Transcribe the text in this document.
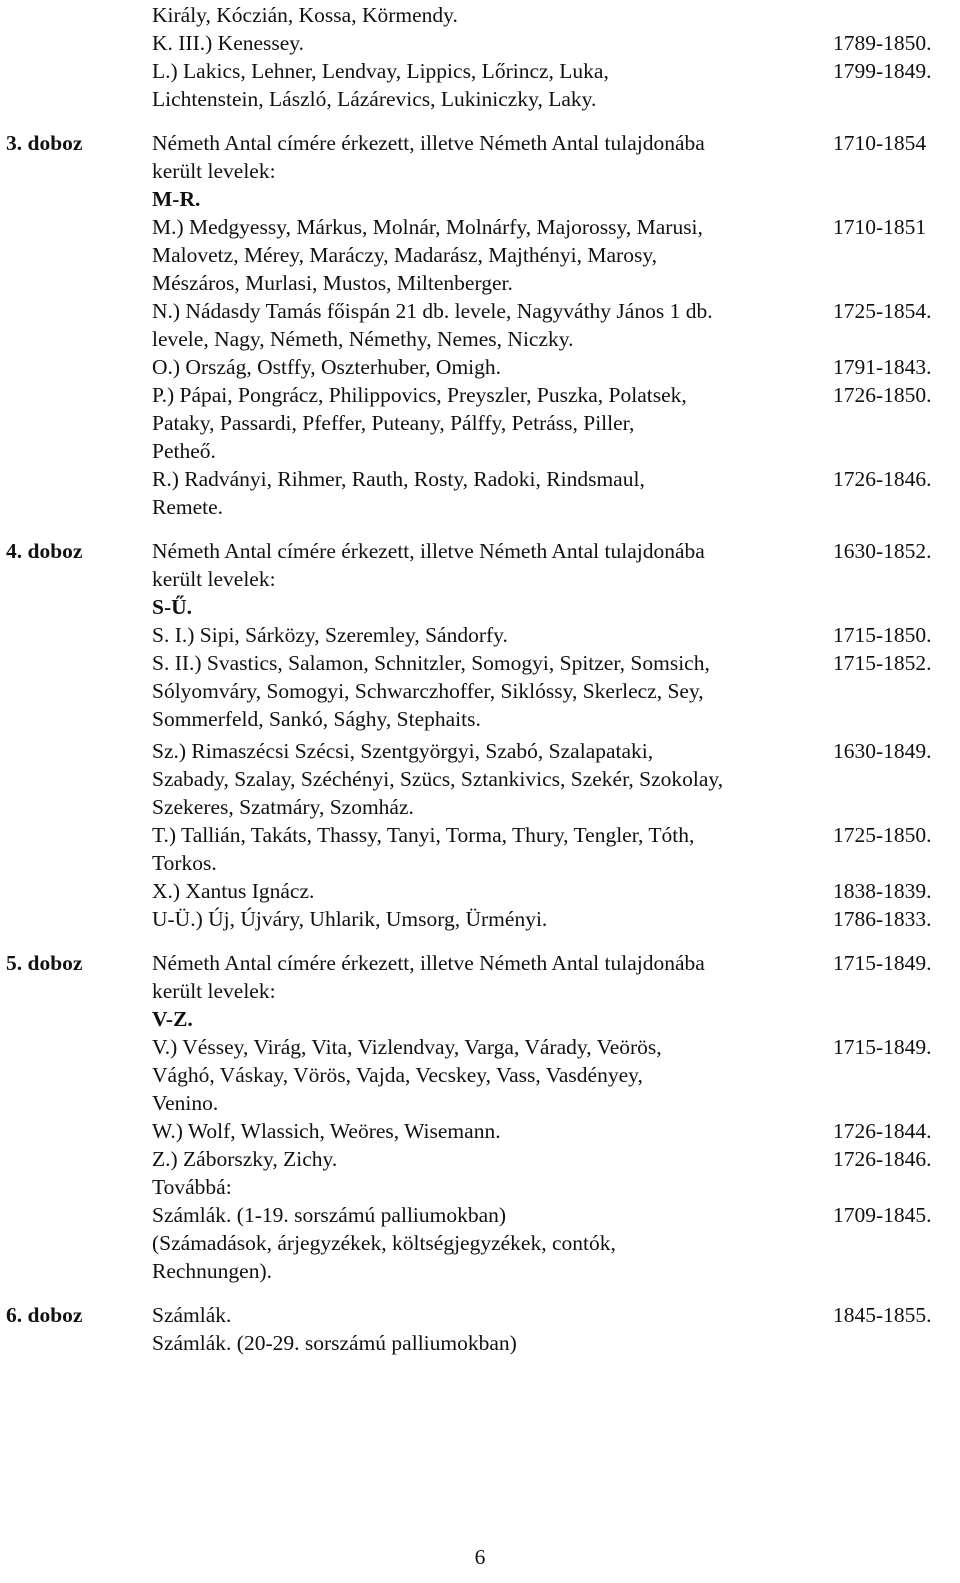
Király, Kóczián, Kossa, Körmendy.
K. III.) Kenessey.	1789-1850.
L.) Lakics, Lehner, Lendvay, Lippics, Lőrincz, Luka,	1799-1849.
Lichtenstein, László, Lázárevics, Lukiniczky, Laky.
3. doboz	Németh Antal címére érkezett, illetve Németh Antal tulajdonába	1710-1854
került levelek:
M-R.
M.) Medgyessy, Márkus, Molnár, Molnárfy, Majorossy, Marusi,	1710-1851
Malovetz, Mérey, Maráczy, Madarász, Majthényi, Marosy,
Mészáros, Murlasi, Mustos, Miltenberger.
N.) Nádasdy Tamás főispán 21 db. levele, Nagyváthy János 1 db.	1725-1854.
levele, Nagy, Németh, Némethy, Nemes, Niczky.
O.) Ország, Ostffy, Oszterhuber, Omigh.	1791-1843.
P.) Pápai, Pongrácz, Philippovics, Preyszler, Puszka, Polatsek,	1726-1850.
Pataky, Passardi, Pfeffer, Puteany, Pálffy, Petráss, Piller,
Petheő.
R.) Radványi, Rihmer, Rauth, Rosty, Radoki, Rindsmaul,	1726-1846.
Remete.
4. doboz	Németh Antal címére érkezett, illetve Németh Antal tulajdonába	1630-1852.
került levelek:
S-Ű.
S. I.) Sipi, Sárközy, Szeremley, Sándorfy.	1715-1850.
S. II.) Svastics, Salamon, Schnitzler, Somogyi, Spitzer, Somsich,	1715-1852.
Sólyomváry, Somogyi, Schwarczhoffer, Siklóssy, Skerlecz, Sey,
Sommerfeld, Sankó, Sághy, Stephaits.
Sz.) Rimaszécsi Szécsi, Szentgyörgyi, Szabó, Szalapataki,	1630-1849.
Szabady, Szalay, Széchényi, Szücs, Sztankivics, Szekér, Szokolay,
Szekeres, Szatmáry, Szomház.
T.) Tallián, Takáts, Thassy, Tanyi, Torma, Thury, Tengler, Tóth,	1725-1850.
Torkos.
X.) Xantus Ignácz.	1838-1839.
U-Ü.) Új, Újváry, Uhlarik, Umsorg, Ürményi.	1786-1833.
5. doboz	Németh Antal címére érkezett, illetve Németh Antal tulajdonába	1715-1849.
került levelek:
V-Z.
V.) Véssey, Virág, Vita, Vizlendvay, Varga, Várady, Veörös,	1715-1849.
Vághó, Váskay, Vörös, Vajda, Vecskey, Vass, Vasdényey,
Venino.
W.) Wolf, Wlassich, Weöres, Wisemann.	1726-1844.
Z.) Záborszky, Zichy.	1726-1846.
Továbbá:
Számlák. (1-19. sorszámú palliumokban)	1709-1845.
(Számadások, árjegyzékek, költségjegyzékek, contók,
Rechnungen).
6. doboz	Számlák.	1845-1855.
Számlák. (20-29. sorszámú palliumokban)
6
